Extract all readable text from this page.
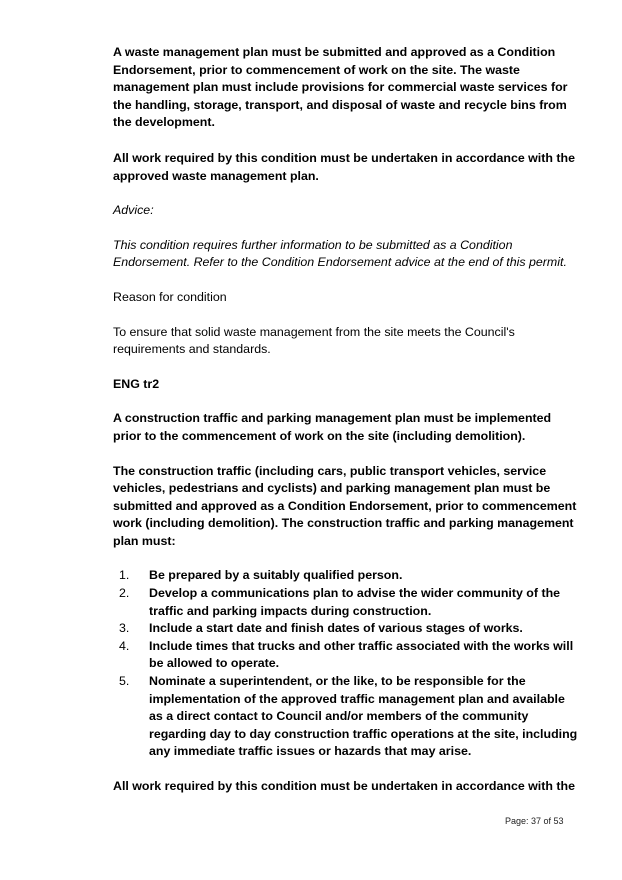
A waste management plan must be submitted and approved as a Condition Endorsement, prior to commencement of work on the site. The waste management plan must include provisions for commercial waste services for the handling, storage, transport, and disposal of waste and recycle bins from the development.

All work required by this condition must be undertaken in accordance with the approved waste management plan.

Advice:

This condition requires further information to be submitted as a Condition Endorsement. Refer to the Condition Endorsement advice at the end of this permit.

Reason for condition

To ensure that solid waste management from the site meets the Council's requirements and standards.

ENG tr2

A construction traffic and parking management plan must be implemented prior to the commencement of work on the site (including demolition).

The construction traffic (including cars, public transport vehicles, service vehicles, pedestrians and cyclists) and parking management plan must be submitted and approved as a Condition Endorsement, prior to commencement work (including demolition). The construction traffic and parking management plan must:

1. Be prepared by a suitably qualified person.
2. Develop a communications plan to advise the wider community of the traffic and parking impacts during construction.
3. Include a start date and finish dates of various stages of works.
4. Include times that trucks and other traffic associated with the works will be allowed to operate.
5. Nominate a superintendent, or the like, to be responsible for the implementation of the approved traffic management plan and available as a direct contact to Council and/or members of the community regarding day to day construction traffic operations at the site, including any immediate traffic issues or hazards that may arise.

All work required by this condition must be undertaken in accordance with the

Page: 37 of 53
